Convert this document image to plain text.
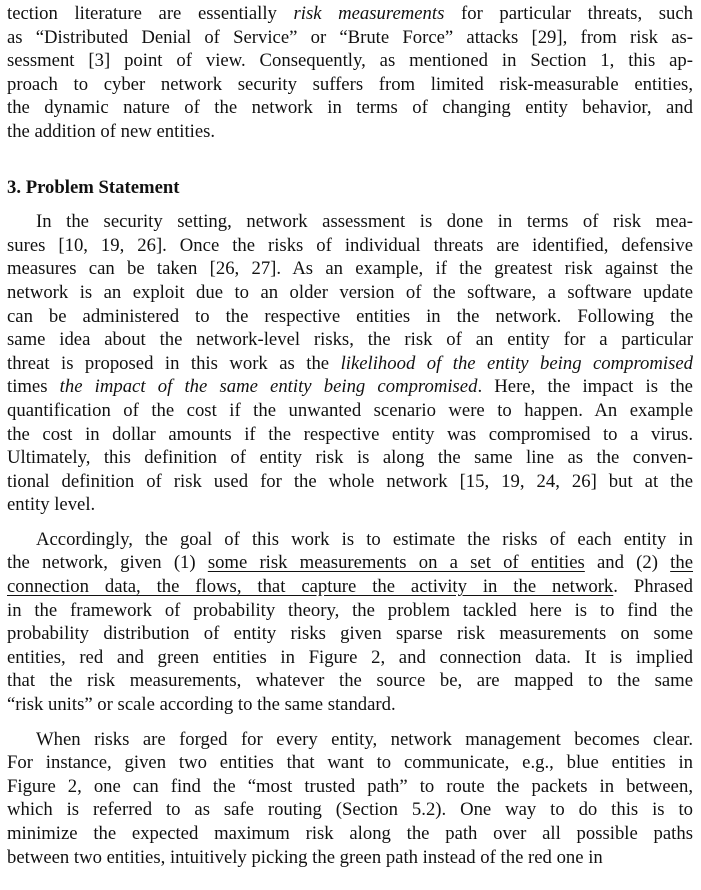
tection literature are essentially risk measurements for particular threats, such
as “Distributed Denial of Service” or “Brute Force” attacks [29], from risk as-
sessment [3] point of view. Consequently, as mentioned in Section 1, this ap-
proach to cyber network security suffers from limited risk-measurable entities,
the dynamic nature of the network in terms of changing entity behavior, and
the addition of new entities.
3. Problem Statement
In the security setting, network assessment is done in terms of risk mea-
sures [10, 19, 26]. Once the risks of individual threats are identified, defensive
measures can be taken [26, 27]. As an example, if the greatest risk against the
network is an exploit due to an older version of the software, a software update
can be administered to the respective entities in the network. Following the
same idea about the network-level risks, the risk of an entity for a particular
threat is proposed in this work as the likelihood of the entity being compromised
times the impact of the same entity being compromised. Here, the impact is the
quantification of the cost if the unwanted scenario were to happen. An example
the cost in dollar amounts if the respective entity was compromised to a virus.
Ultimately, this definition of entity risk is along the same line as the conven-
tional definition of risk used for the whole network [15, 19, 24, 26] but at the
entity level.
Accordingly, the goal of this work is to estimate the risks of each entity in
the network, given (1) some risk measurements on a set of entities and (2) the
connection data, the flows, that capture the activity in the network. Phrased
in the framework of probability theory, the problem tackled here is to find the
probability distribution of entity risks given sparse risk measurements on some
entities, red and green entities in Figure 2, and connection data. It is implied
that the risk measurements, whatever the source be, are mapped to the same
“risk units” or scale according to the same standard.
When risks are forged for every entity, network management becomes clear.
For instance, given two entities that want to communicate, e.g., blue entities in
Figure 2, one can find the “most trusted path” to route the packets in between,
which is referred to as safe routing (Section 5.2). One way to do this is to
minimize the expected maximum risk along the path over all possible paths
between two entities, intuitively picking the green path instead of the red one in
